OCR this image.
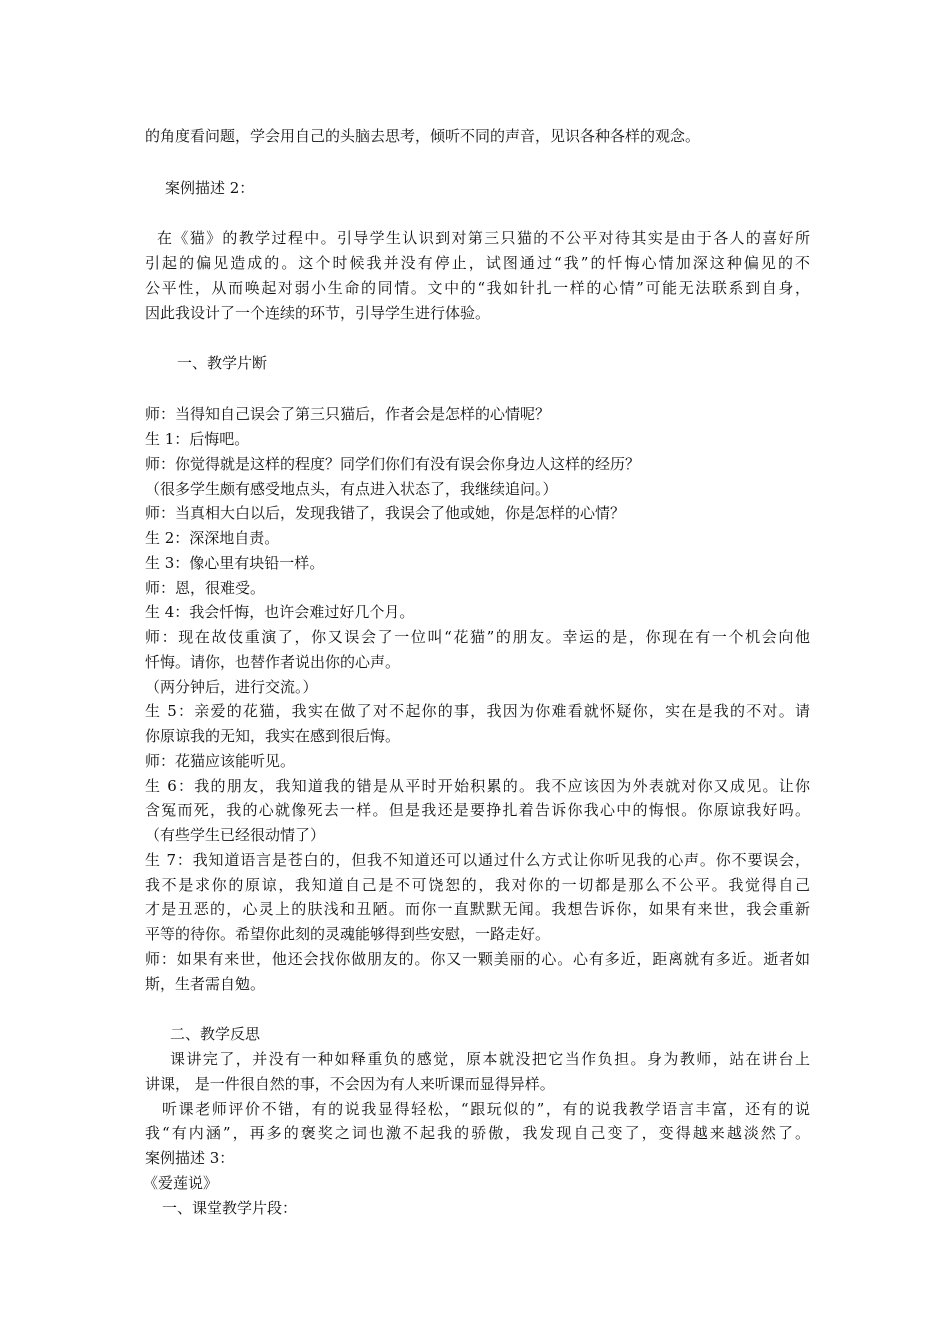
的角度看问题，学会用自己的头脑去思考，倾听不同的声音，见识各种各样的观念。
案例描述 2：
在《猫》的教学过程中。引导学生认识到对第三只猫的不公平对待其实是由于各人的喜好所
引起的偏见造成的。这个时候我并没有停止，试图通过“我”的忏悔心情加深这种偏见的不
公平性，从而唤起对弱小生命的同情。文中的“我如针扎一样的心情”可能无法联系到自身，
因此我设计了一个连续的环节，引导学生进行体验。
一、教学片断
师：当得知自己误会了第三只猫后，作者会是怎样的心情呢？
生 1：后悔吧。
师：你觉得就是这样的程度？同学们你们有没有误会你身边人这样的经历？
（很多学生颇有感受地点头，有点进入状态了，我继续追问。）
师：当真相大白以后，发现我错了，我误会了他或她，你是怎样的心情？
生 2：深深地自责。
生 3：像心里有块铅一样。
师：恩，很难受。
生 4：我会忏悔，也许会难过好几个月。
师：现在故伎重演了，你又误会了一位叫“花猫”的朋友。幸运的是，你现在有一个机会向他
忏悔。请你，也替作者说出你的心声。
（两分钟后，进行交流。）
生 5：亲爱的花猫，我实在做了对不起你的事，我因为你难看就怀疑你，实在是我的不对。请
你原谅我的无知，我实在感到很后悔。
师：花猫应该能听见。
生 6：我的朋友，我知道我的错是从平时开始积累的。我不应该因为外表就对你又成见。让你
含冤而死，我的心就像死去一样。但是我还是要挣扎着告诉你我心中的悔恨。你原谅我好吗。
（有些学生已经很动情了）
生 7：我知道语言是苍白的，但我不知道还可以通过什么方式让你听见我的心声。你不要误会，
我不是求你的原谅，我知道自己是不可饶恕的，我对你的一切都是那么不公平。我觉得自己
才是丑恶的，心灵上的肤浅和丑陋。而你一直默默无闻。我想告诉你，如果有来世，我会重新
平等的待你。希望你此刻的灵魂能够得到些安慰，一路走好。
师：如果有来世，他还会找你做朋友的。你又一颗美丽的心。心有多近，距离就有多近。逝者如
斯，生者需自勉。
二、教学反思
课讲完了，并没有一种如释重负的感觉，原本就没把它当作负担。身为教师，站在讲台上
讲课， 是一件很自然的事，不会因为有人来听课而显得异样。
听课老师评价不错，有的说我显得轻松，“跟玩似的”，有的说我教学语言丰富，还有的说
我“有内涵”，再多的褒奖之词也激不起我的骄傲，我发现自己变了，变得越来越淡然了。
案例描述 3：
《爱莲说》
一、课堂教学片段：
